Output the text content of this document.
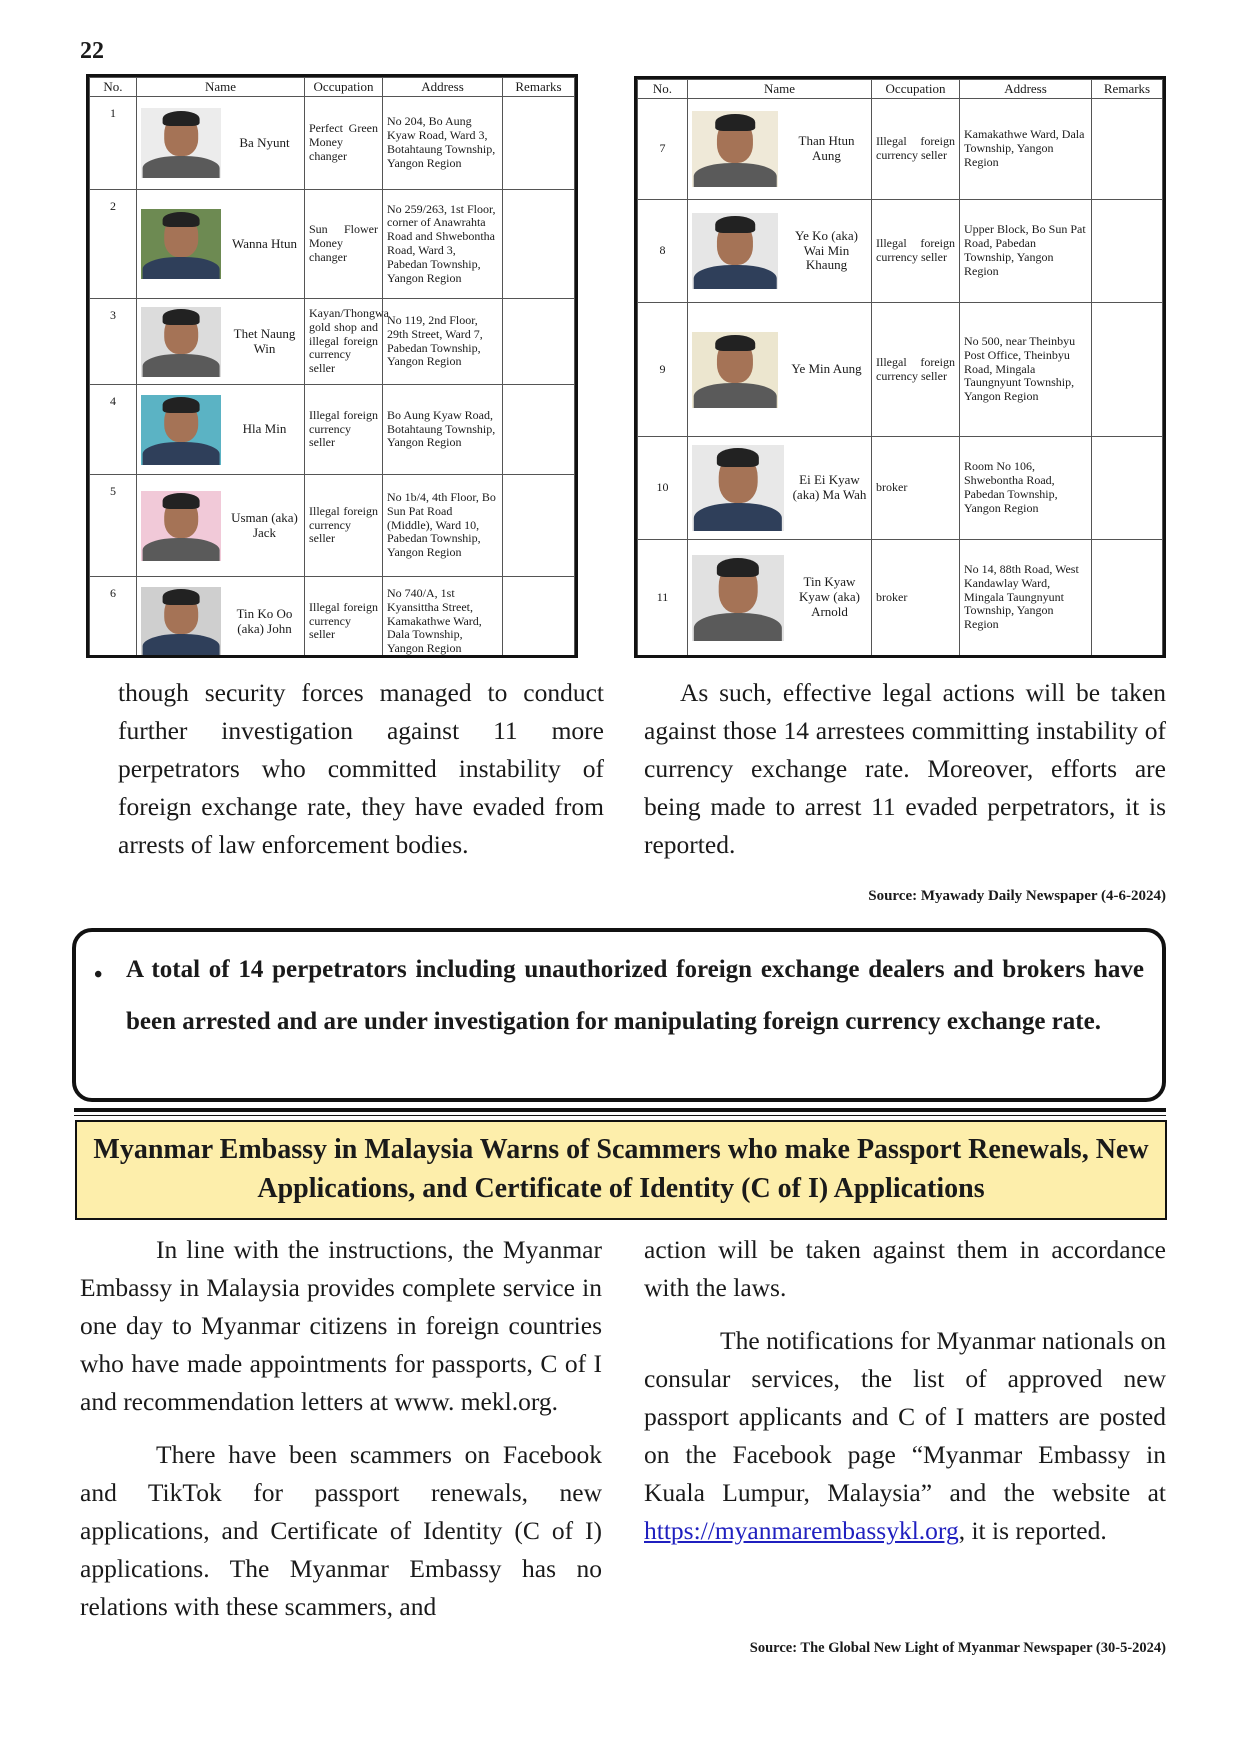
22
No.	Name	Occupation	Address	Remarks
1	Ba Nyunt	Perfect Green Money changer	No 204, Bo Aung Kyaw Road, Ward 3, Botahtaung Township, Yangon Region	
2	Wanna Htun	Sun Flower Money changer	No 259/263, 1st Floor, corner of Anawrahta Road and Shwebontha Road, Ward 3, Pabedan Township, Yangon Region	
3	Thet Naung Win	Kayan/Thongwa gold shop and illegal foreign currency seller	No 119, 2nd Floor, 29th Street, Ward 7, Pabedan Township, Yangon Region	
4	Hla Min	Illegal foreign currency seller	Bo Aung Kyaw Road, Botahtaung Township, Yangon Region	
5	Usman (aka) Jack	Illegal foreign currency seller	No 1b/4, 4th Floor, Bo Sun Pat Road (Middle), Ward 10, Pabedan Township, Yangon Region	
6	Tin Ko Oo (aka) John	Illegal foreign currency seller	No 740/A, 1st Kyansittha Street, Kamakathwe Ward, Dala Township, Yangon Region	
No.	Name	Occupation	Address	Remarks
7	Than Htun Aung	Illegal foreign currency seller	Kamakathwe Ward, Dala Township, Yangon Region	
8	Ye Ko (aka) Wai Min Khaung	Illegal foreign currency seller	Upper Block, Bo Sun Pat Road, Pabedan Township, Yangon Region	
9	Ye Min Aung	Illegal foreign currency seller	No 500, near Theinbyu Post Office, Theinbyu Road, Mingala Taungnyunt Township, Yangon Region	
10	Ei Ei Kyaw (aka) Ma Wah	broker	Room No 106, Shwebontha Road, Pabedan Township, Yangon Region	
11	Tin Kyaw Kyaw (aka) Arnold	broker	No 14, 88th Road, West Kandawlay Ward, Mingala Taungnyunt Township, Yangon Region	

though security forces managed to conduct further investigation against 11 more perpetrators who committed instability of foreign exchange rate, they have evaded from arrests of law enforcement bodies.

As such, effective legal actions will be taken against those 14 arrestees committing instability of currency exchange rate. Moreover, efforts are being made to arrest 11 evaded perpetrators, it is reported.

Source: Myawady Daily Newspaper (4-6-2024)
• A total of 14 perpetrators including unauthorized foreign exchange dealers and brokers have been arrested and are under investigation for manipulating foreign currency exchange rate.
Myanmar Embassy in Malaysia Warns of Scammers who make Passport Renewals, New Applications, and Certificate of Identity (C of I) Applications

In line with the instructions, the Myanmar Embassy in Malaysia provides complete service in one day to Myanmar citizens in foreign countries who have made appointments for passports, C of I and recommendation letters at www. mekl.org.

There have been scammers on Facebook and TikTok for passport renewals, new applications, and Certificate of Identity (C of I) applications. The Myanmar Embassy has no relations with these scammers, and

action will be taken against them in accordance with the laws.

The notifications for Myanmar nationals on consular services, the list of approved new passport applicants and C of I matters are posted on the Facebook page “Myanmar Embassy in Kuala Lumpur, Malaysia” and the website at https://myanmarembassykl.org, it is reported.

Source: The Global New Light of Myanmar Newspaper (30-5-2024)
